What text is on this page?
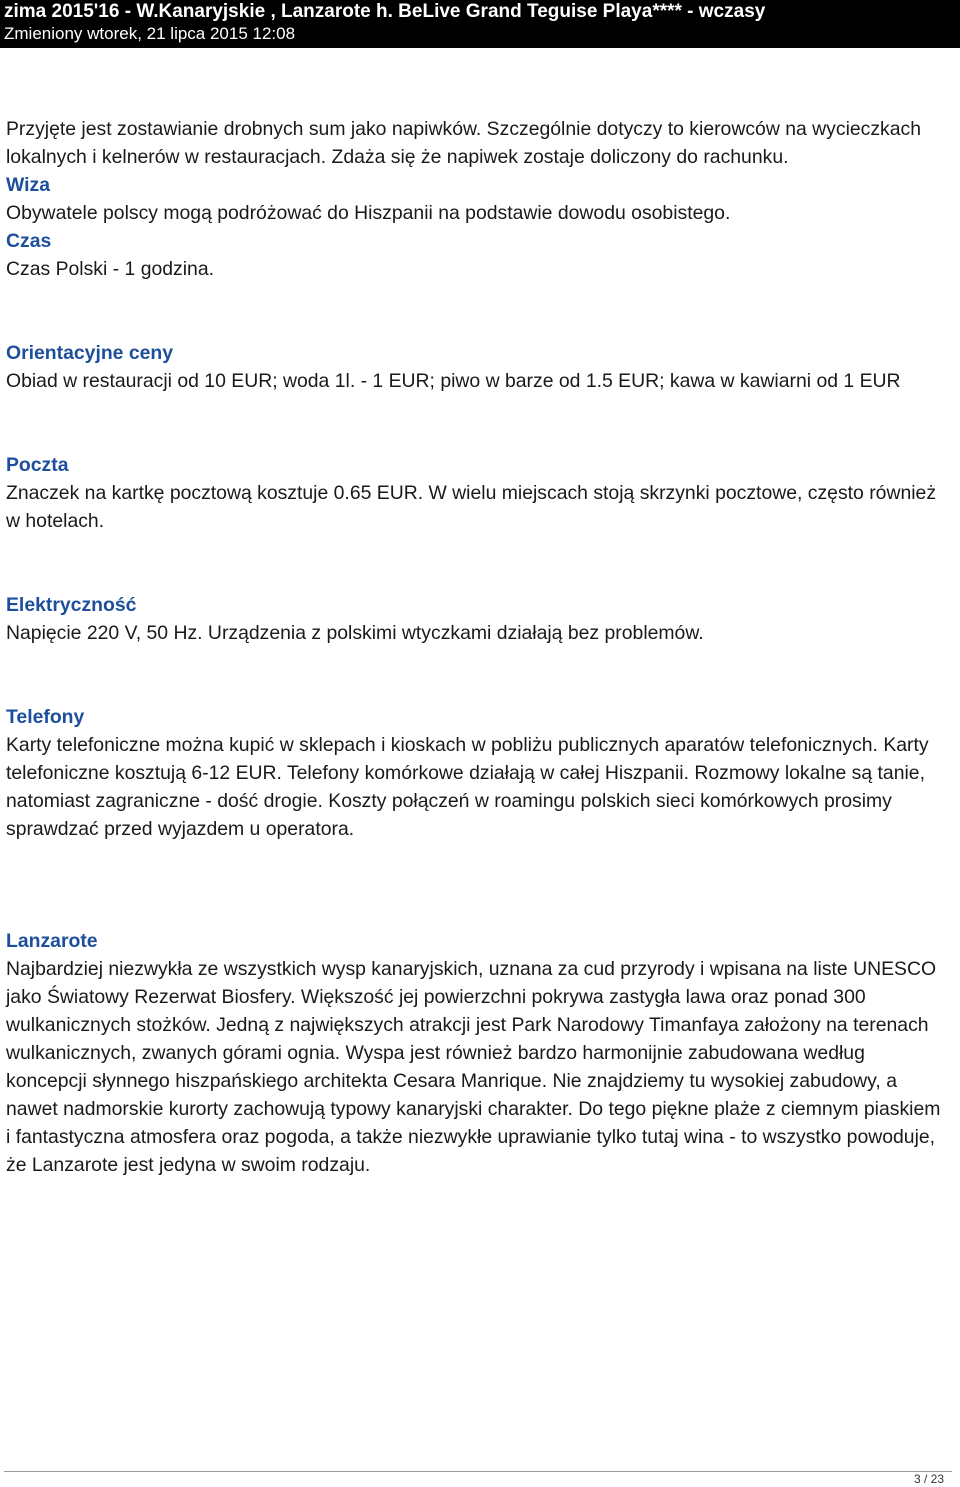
zima 2015'16 - W.Kanaryjskie , Lanzarote h. BeLive Grand Teguise Playa**** - wczasy
Zmieniony wtorek, 21 lipca 2015 12:08
Przyjęte jest zostawianie drobnych sum jako napiwków. Szczególnie dotyczy to kierowców na wycieczkach lokalnych i kelnerów w restauracjach. Zdaża się że napiwek zostaje doliczony do rachunku.
Wiza
Obywatele polscy mogą podróżować do Hiszpanii na podstawie dowodu osobistego.
Czas
Czas Polski - 1 godzina.
Orientacyjne ceny
Obiad w restauracji od 10 EUR; woda 1l. - 1 EUR; piwo w barze od 1.5 EUR; kawa w kawiarni od 1 EUR
Poczta
Znaczek na kartkę pocztową kosztuje 0.65 EUR. W wielu miejscach stoją skrzynki pocztowe, często również w hotelach.
Elektryczność
Napięcie 220 V, 50 Hz. Urządzenia z polskimi wtyczkami działają bez problemów.
Telefony
Karty telefoniczne można kupić w sklepach i kioskach w pobliżu publicznych aparatów telefonicznych. Karty telefoniczne kosztują 6-12 EUR. Telefony komórkowe działają w całej Hiszpanii. Rozmowy lokalne są tanie, natomiast zagraniczne - dość drogie. Koszty połączeń w roamingu polskich sieci komórkowych prosimy sprawdzać przed wyjazdem u operatora.
Lanzarote
Najbardziej niezwykła ze wszystkich wysp kanaryjskich, uznana za cud przyrody i wpisana na liste UNESCO jako Światowy Rezerwat Biosfery. Większość jej powierzchni pokrywa zastygła lawa oraz ponad 300 wulkanicznych stożków. Jedną z największych atrakcji jest Park Narodowy Timanfaya założony na terenach wulkanicznych, zwanych górami ognia. Wyspa jest również bardzo harmonijnie zabudowana według koncepcji słynnego hiszpańskiego architekta Cesara Manrique. Nie znajdziemy tu wysokiej zabudowy, a nawet nadmorskie kurorty zachowują typowy kanaryjski charakter. Do tego piękne plaże z ciemnym piaskiem i fantastyczna atmosfera oraz pogoda, a także niezwykłe uprawianie tylko tutaj wina - to wszystko powoduje, że Lanzarote jest jedyna w swoim rodzaju.
3 / 23
